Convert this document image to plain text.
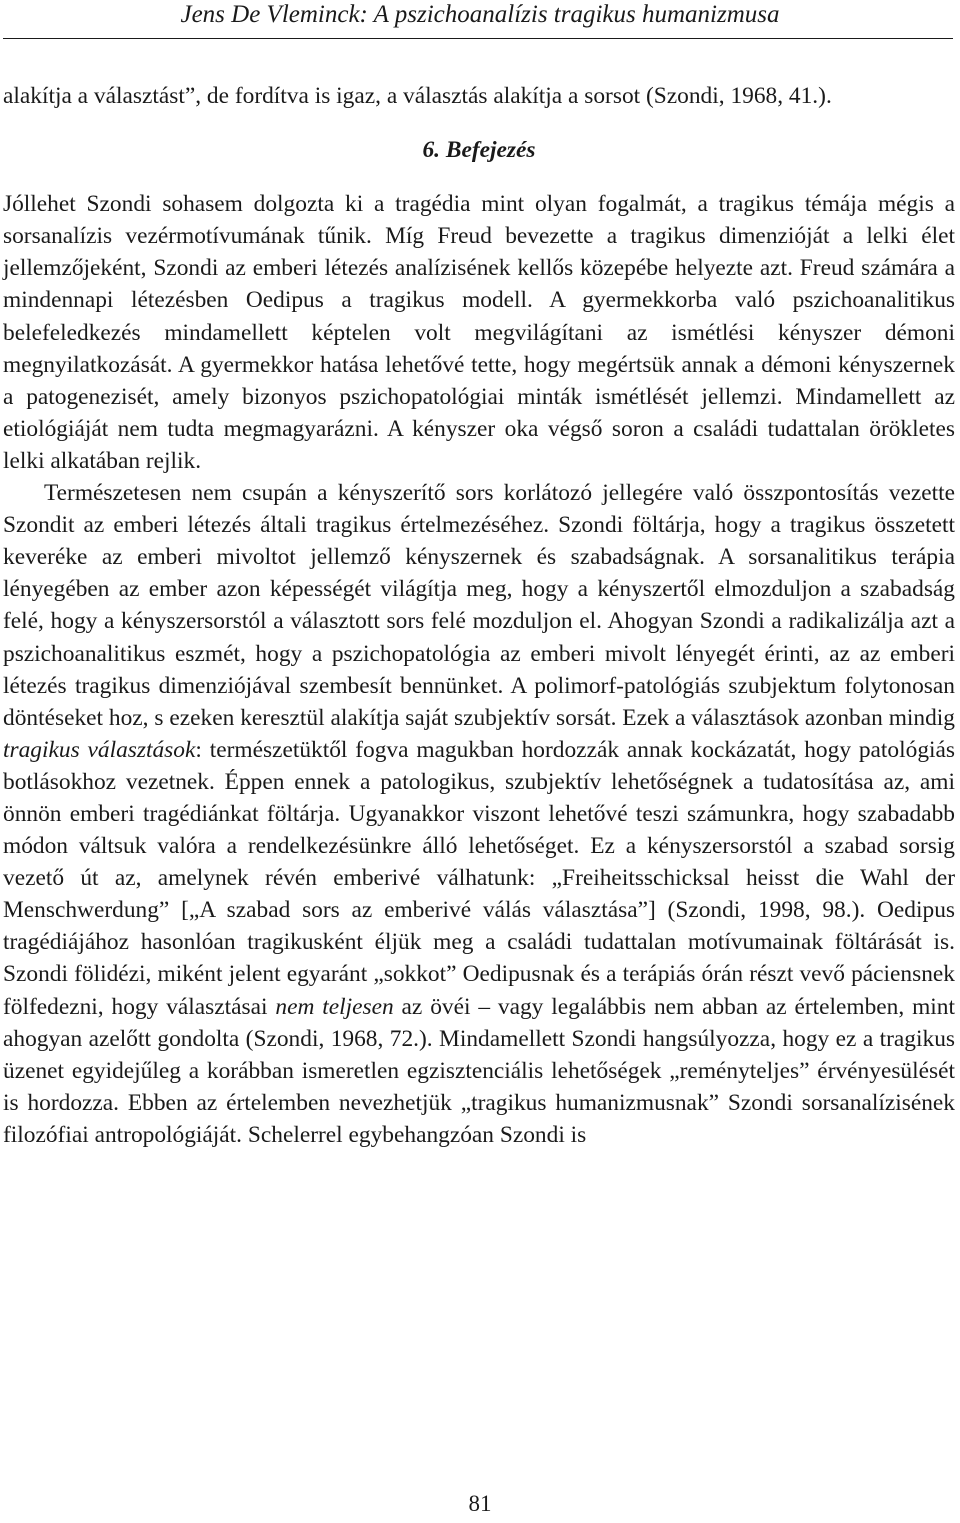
Jens De Vleminck: A pszichoanalízis tragikus humanizmusa

alakítja a választást”, de fordítva is igaz, a választás alakítja a sorsot (Szondi, 1968, 41.).

6. Befejezés

Jóllehet Szondi sohasem dolgozta ki a tragédia mint olyan fogalmát, a tragikus témája mégis a sorsanalízis vezérmotívumának tűnik. Míg Freud bevezette a tragikus dimenzióját a lelki élet jellemzőjeként, Szondi az emberi létezés analízisének kellős közepébe helyezte azt. Freud számára a mindennapi létezésben Oedipus a tragikus modell. A gyermekkorba való pszichoanalitikus belefeledkezés mindamellett képtelen volt megvilágítani az ismétlési kényszer démoni megnyilatkozását. A gyermekkor hatása lehetővé tette, hogy megértsük annak a démoni kényszernek a patogenezisét, amely bizonyos pszichopatológiai minták ismétlését jellemzi. Mindamellett az etiológiáját nem tudta megmagyarázni. A kényszer oka végső soron a családi tudattalan örökletes lelki alkatában rejlik.

Természetesen nem csupán a kényszerítő sors korlátozó jellegére való összpontosítás vezette Szondit az emberi létezés általi tragikus értelmezéséhez. Szondi föltárja, hogy a tragikus összetett keveréke az emberi mivoltot jellemző kényszernek és szabadságnak. A sorsanalitikus terápia lényegében az ember azon képességét világítja meg, hogy a kényszertől elmozduljon a szabadság felé, hogy a kényszersorstól a választott sors felé mozduljon el. Ahogyan Szondi a radikalizálja azt a pszichoanalitikus eszmét, hogy a pszichopatológia az emberi mivolt lényegét érinti, az az emberi létezés tragikus dimenziójával szembesít bennünket. A polimorf-patológiás szubjektum folytonosan döntéseket hoz, s ezeken keresztül alakítja saját szubjektív sorsát. Ezek a választások azonban mindig tragikus választások: természetüktől fogva magukban hordozzák annak kockázatát, hogy patológiás botlásokhoz vezetnek. Éppen ennek a patologikus, szubjektív lehetőségnek a tudatosítása az, ami önnön emberi tragédiánkat föltárja. Ugyanakkor viszont lehetővé teszi számunkra, hogy szabadabb módon váltsuk valóra a rendelkezésünkre álló lehetőséget. Ez a kényszersorstól a szabad sorsig vezető út az, amelynek révén emberivé válhatunk: „Freiheitsschicksal heisst die Wahl der Menschwerdung” [„A szabad sors az emberivé válás választása”] (Szondi, 1998, 98.). Oedipus tragédiájához hasonlóan tragikusként éljük meg a családi tudattalan motívumainak föltárását is. Szondi fölidézi, miként jelent egyaránt „sokkot” Oedipusnak és a terápiás órán részt vevő páciensnek fölfedezni, hogy választásai nem teljesen az övéi – vagy legalábbis nem abban az értelemben, mint ahogyan azelőtt gondolta (Szondi, 1968, 72.). Mindamellett Szondi hangsúlyozza, hogy ez a tragikus üzenet egyidejűleg a korábban ismeretlen egzisztenciális lehetőségek „reményteljes” érvényesülését is hordozza. Ebben az értelemben nevezhetjük „tragikus humanizmusnak” Szondi sorsanalízisének filozófiai antropológiáját. Schelerrel egybehangzóan Szondi is

81
